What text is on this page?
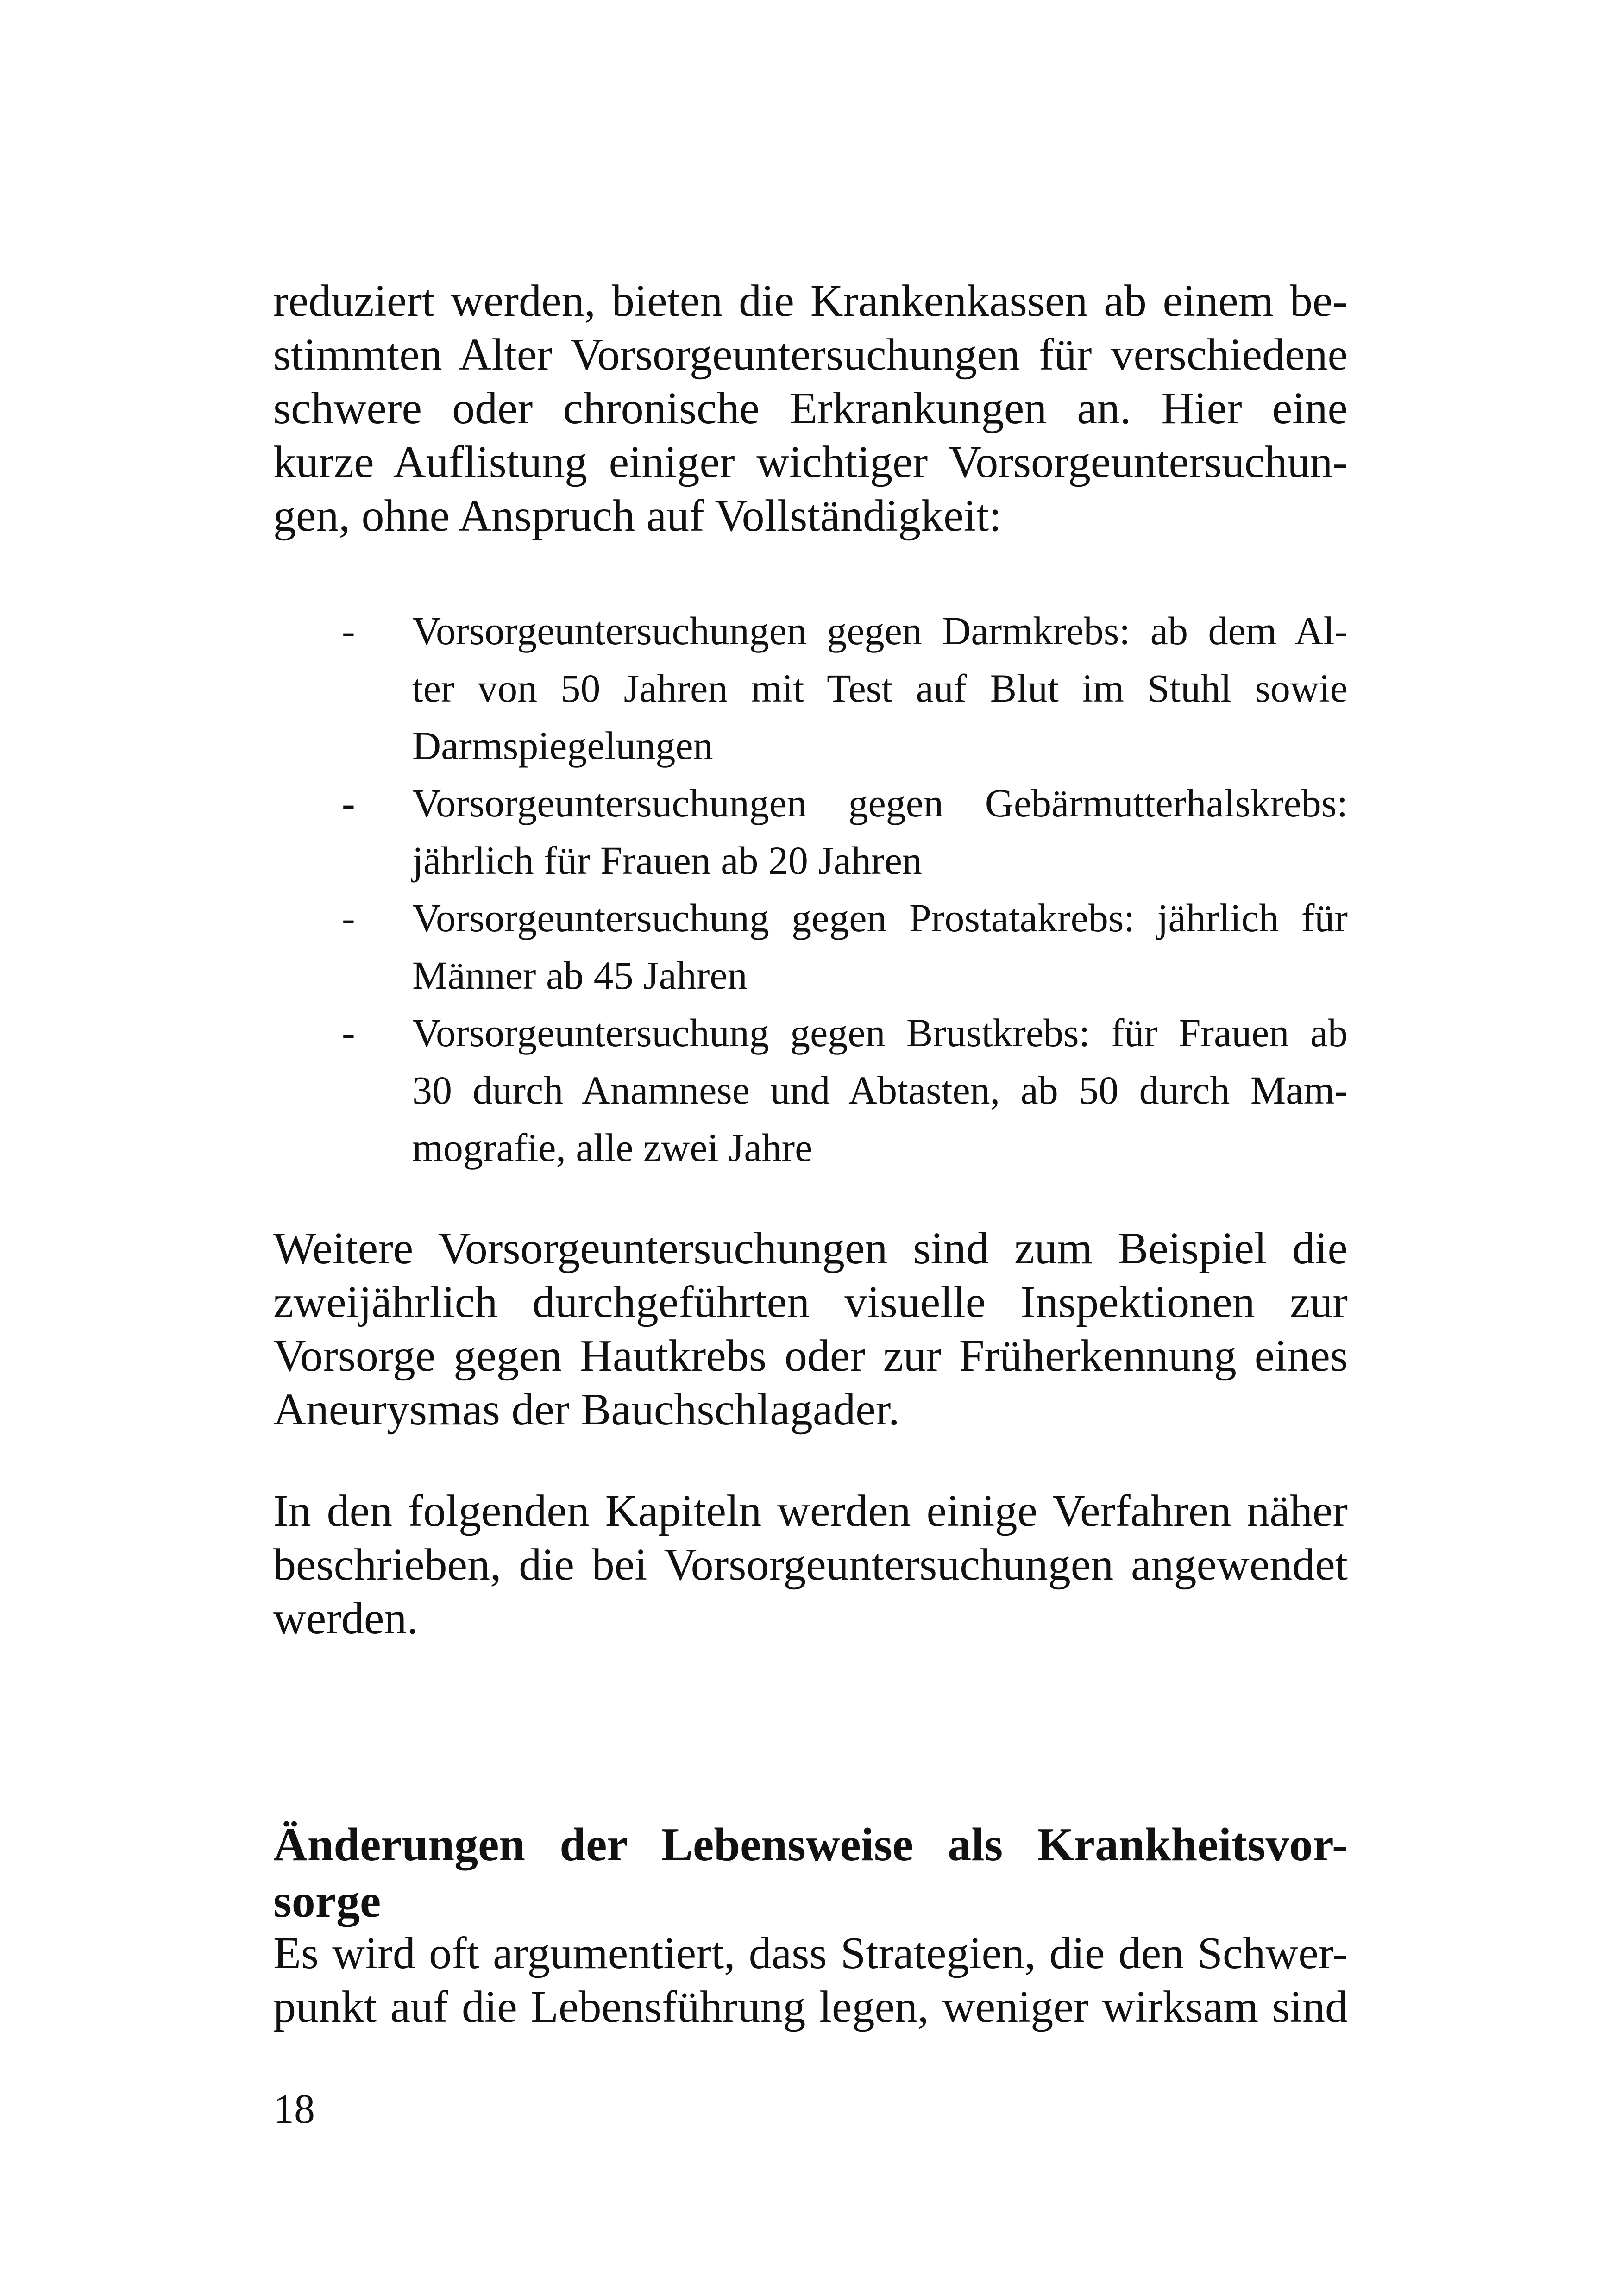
reduziert werden, bieten die Krankenkassen ab einem be-
stimmten Alter Vorsorgeuntersuchungen für verschiedene
schwere oder chronische Erkrankungen an. Hier eine
kurze Auflistung einiger wichtiger Vorsorgeuntersuchun-
gen, ohne Anspruch auf Vollständigkeit:

- Vorsorgeuntersuchungen gegen Darmkrebs: ab dem Al-
ter von 50 Jahren mit Test auf Blut im Stuhl sowie
Darmspiegelungen
- Vorsorgeuntersuchungen gegen Gebärmutterhalskrebs:
jährlich für Frauen ab 20 Jahren
- Vorsorgeuntersuchung gegen Prostatakrebs: jährlich für
Männer ab 45 Jahren
- Vorsorgeuntersuchung gegen Brustkrebs: für Frauen ab
30 durch Anamnese und Abtasten, ab 50 durch Mam-
mografie, alle zwei Jahre

Weitere Vorsorgeuntersuchungen sind zum Beispiel die
zweijährlich durchgeführten visuelle Inspektionen zur
Vorsorge gegen Hautkrebs oder zur Früherkennung eines
Aneurysmas der Bauchschlagader.

In den folgenden Kapiteln werden einige Verfahren näher
beschrieben, die bei Vorsorgeuntersuchungen angewendet
werden.

Änderungen der Lebensweise als Krankheitsvor-
sorge

Es wird oft argumentiert, dass Strategien, die den Schwer-
punkt auf die Lebensführung legen, weniger wirksam sind

18
